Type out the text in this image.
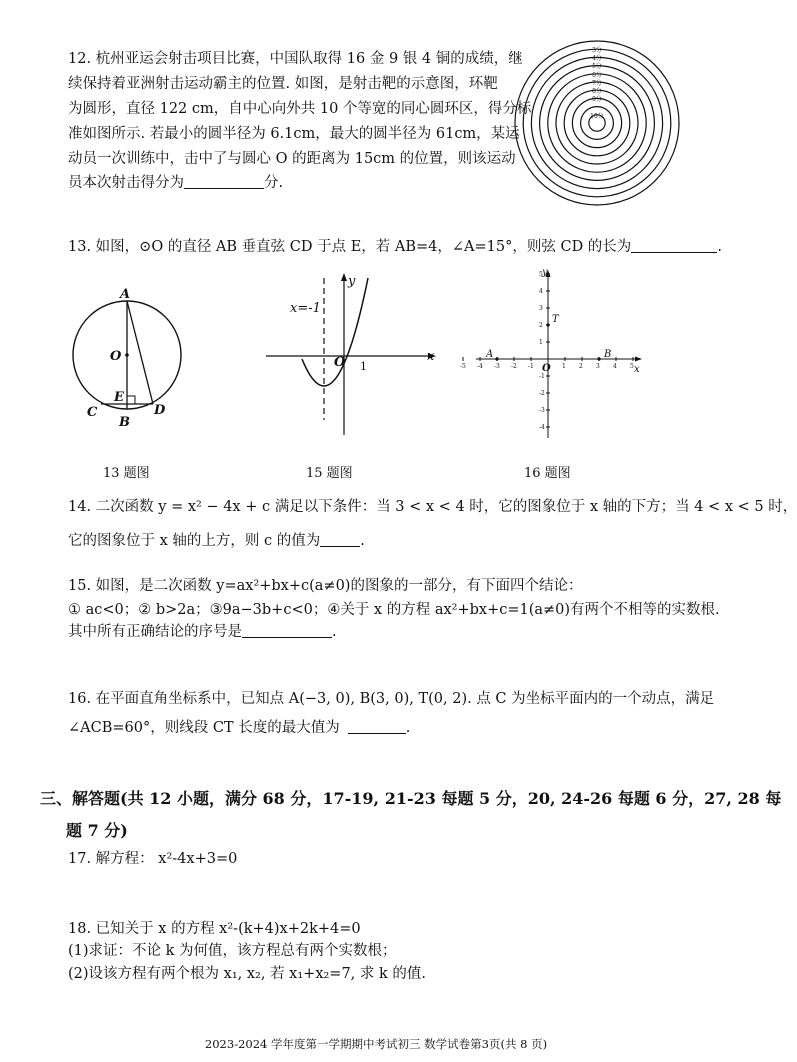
12. 杭州亚运会射击项目比赛，中国队取得 16 金 9 银 4 铜的成绩，继
续保持着亚洲射击运动霸主的位置. 如图，是射击靶的示意图，环靶
为圆形，直径 122 cm，自中心向外共 10 个等宽的同心圆环区，得分标
准如图所示. 若最小的圆半径为 6.1cm，最大的圆半径为 61cm，某运
动员一次训练中，击中了与圆心 O 的距离为 15cm 的位置，则该运动
员本次射击得分为	分.
3分
4分
5分
6分
7分
8分
9分
10分
13. 如图，⊙O 的直径 AB 垂直弦 CD 于点 E，若 AB=4，∠A=15°，则弦 CD 的长为	.
A
O
E
C	D
B
x=-1
y
x
O 1	-5 -4 -3 -2 -1	1 2 3 4 5
5
4
3
2
1
-1
-2
-3
-4
x
y
T
A	B
O
13 题图	15 题图	16 题图
14. 二次函数 y = x² − 4x + c 满足以下条件：当 3 < x < 4 时，它的图象位于 x 轴的下方；当 4 < x < 5 时，
它的图象位于 x 轴的上方，则 c 的值为	.
15. 如图，是二次函数 y=ax²+bx+c(a≠0)的图象的一部分，有下面四个结论：
① ac<0；② b>2a；③9a−3b+c<0；④关于 x 的方程 ax²+bx+c=1(a≠0)有两个不相等的实数根.
其中所有正确结论的序号是	.
16. 在平面直角坐标系中，已知点 A(−3, 0), B(3, 0), T(0, 2). 点 C 为坐标平面内的一个动点，满足
∠ACB=60°，则线段 CT 长度的最大值为	.
三、解答题(共 12 小题，满分 68 分，17-19, 21-23 每题 5 分，20, 24-26 每题 6 分，27, 28 每
题 7 分)
17. 解方程： x²-4x+3=0
18. 已知关于 x 的方程 x²-(k+4)x+2k+4=0
(1)求证：不论 k 为何值，该方程总有两个实数根；
(2)设该方程有两个根为 x₁, x₂, 若 x₁+x₂=7, 求 k 的值.
2023-2024 学年度第一学期期中考试初三 数学试卷第3页(共 8 页)
